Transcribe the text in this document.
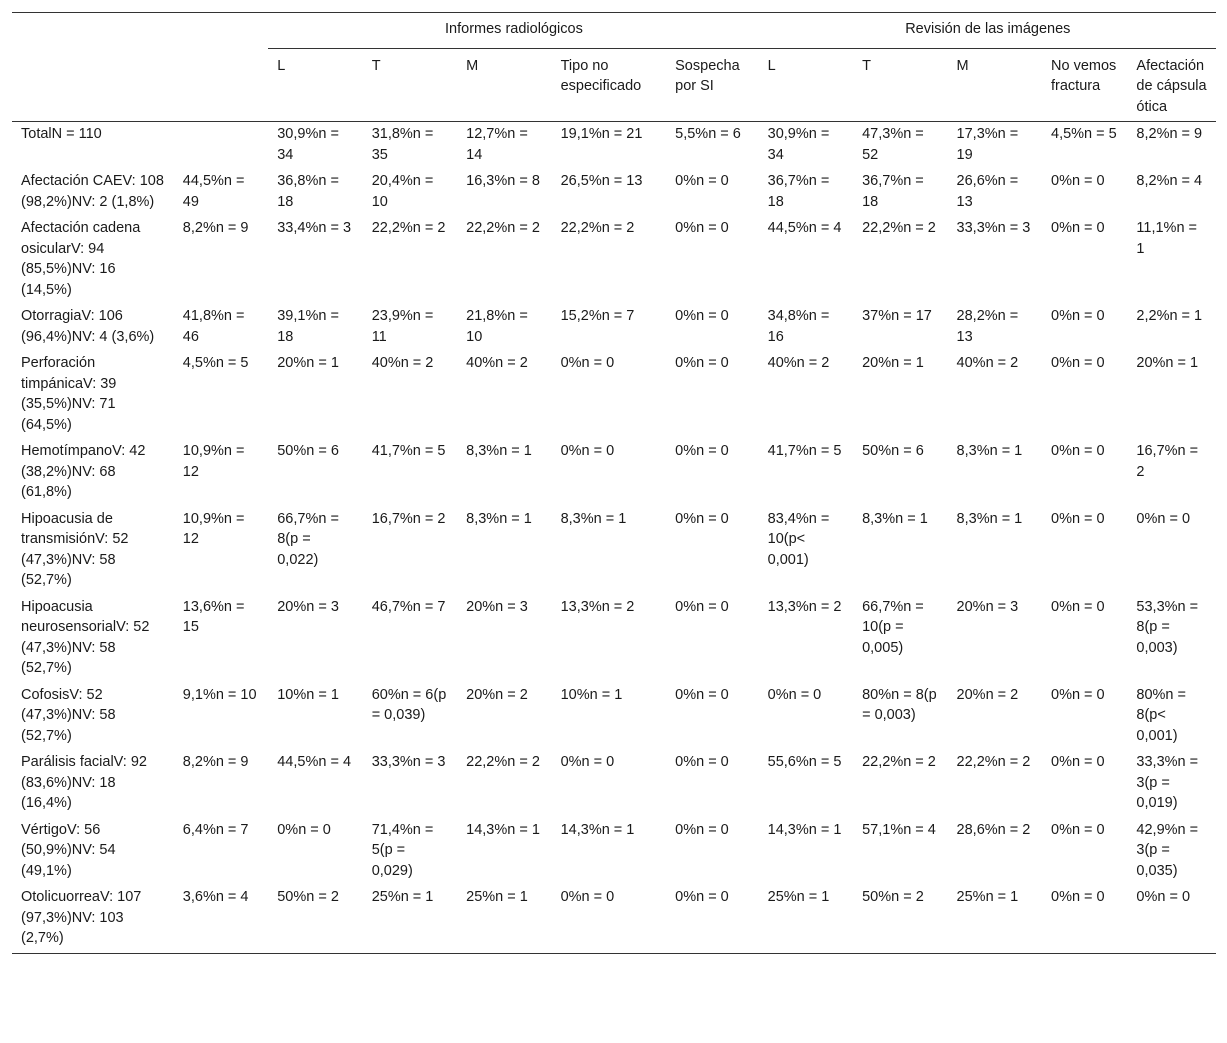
		Informes radiológicos					Revisión de las imágenes				
		L	T	M	Tipo no especificado	Sospecha por SI	L	T	M	No vemos fractura	Afectación de cápsula ótica
TotalN = 110		30,9%n = 34	31,8%n = 35	12,7%n = 14	19,1%n = 21	5,5%n = 6	30,9%n = 34	47,3%n = 52	17,3%n = 19	4,5%n = 5	8,2%n = 9
Afectación CAEV: 108 (98,2%)NV: 2 (1,8%)	44,5%n = 49	36,8%n = 18	20,4%n = 10	16,3%n = 8	26,5%n = 13	0%n = 0	36,7%n = 18	36,7%n = 18	26,6%n = 13	0%n = 0	8,2%n = 4
Afectación cadena osicularV: 94 (85,5%)NV: 16 (14,5%)	8,2%n = 9	33,4%n = 3	22,2%n = 2	22,2%n = 2	22,2%n = 2	0%n = 0	44,5%n = 4	22,2%n = 2	33,3%n = 3	0%n = 0	11,1%n = 1
OtorragiaV: 106 (96,4%)NV: 4 (3,6%)	41,8%n = 46	39,1%n = 18	23,9%n = 11	21,8%n = 10	15,2%n = 7	0%n = 0	34,8%n = 16	37%n = 17	28,2%n = 13	0%n = 0	2,2%n = 1
Perforación timpánicaV: 39 (35,5%)NV: 71 (64,5%)	4,5%n = 5	20%n = 1	40%n = 2	40%n = 2	0%n = 0	0%n = 0	40%n = 2	20%n = 1	40%n = 2	0%n = 0	20%n = 1
HemotímpanoV: 42 (38,2%)NV: 68 (61,8%)	10,9%n = 12	50%n = 6	41,7%n = 5	8,3%n = 1	0%n = 0	0%n = 0	41,7%n = 5	50%n = 6	8,3%n = 1	0%n = 0	16,7%n = 2
Hipoacusia de transmisiónV: 52 (47,3%)NV: 58 (52,7%)	10,9%n = 12	66,7%n = 8(p = 0,022)	16,7%n = 2	8,3%n = 1	8,3%n = 1	0%n = 0	83,4%n = 10(p< 0,001)	8,3%n = 1	8,3%n = 1	0%n = 0	0%n = 0
Hipoacusia neurosensorialV: 52 (47,3%)NV: 58 (52,7%)	13,6%n = 15	20%n = 3	46,7%n = 7	20%n = 3	13,3%n = 2	0%n = 0	13,3%n = 2	66,7%n = 10(p = 0,005)	20%n = 3	0%n = 0	53,3%n = 8(p = 0,003)
CofosisV: 52 (47,3%)NV: 58 (52,7%)	9,1%n = 10	10%n = 1	60%n = 6(p = 0,039)	20%n = 2	10%n = 1	0%n = 0	0%n = 0	80%n = 8(p = 0,003)	20%n = 2	0%n = 0	80%n = 8(p< 0,001)
Parálisis facialV: 92 (83,6%)NV: 18 (16,4%)	8,2%n = 9	44,5%n = 4	33,3%n = 3	22,2%n = 2	0%n = 0	0%n = 0	55,6%n = 5	22,2%n = 2	22,2%n = 2	0%n = 0	33,3%n = 3(p = 0,019)
VértigoV: 56 (50,9%)NV: 54 (49,1%)	6,4%n = 7	0%n = 0	71,4%n = 5(p = 0,029)	14,3%n = 1	14,3%n = 1	0%n = 0	14,3%n = 1	57,1%n = 4	28,6%n = 2	0%n = 0	42,9%n = 3(p = 0,035)
OtolicuorreaV: 107 (97,3%)NV: 103 (2,7%)	3,6%n = 4	50%n = 2	25%n = 1	25%n = 1	0%n = 0	0%n = 0	25%n = 1	50%n = 2	25%n = 1	0%n = 0	0%n = 0
